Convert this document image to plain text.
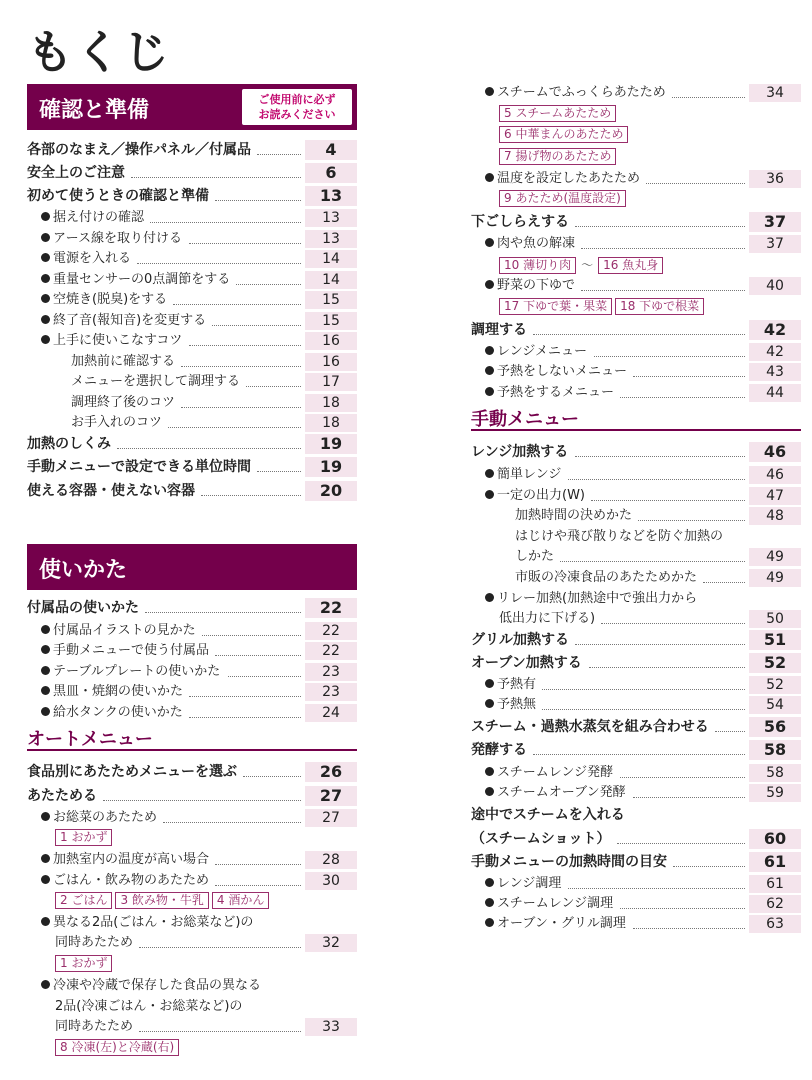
もくじ
確認と準備	ご使用前に必ず
お読みください
各部のなまえ／操作パネル／付属品	4
安全上のご注意	6
初めて使うときの確認と準備	13
据え付けの確認	13
アース線を取り付ける	13
電源を入れる	14
重量センサーの0点調節をする	14
空焼き(脱臭)をする	15
終了音(報知音)を変更する	15
上手に使いこなすコツ	16
加熱前に確認する	16
メニューを選択して調理する	17
調理終了後のコツ	18
お手入れのコツ	18
加熱のしくみ	19
手動メニューで設定できる単位時間	19
使える容器・使えない容器	20
使いかた
付属品の使いかた	22
付属品イラストの見かた	22
手動メニューで使う付属品	22
テーブルプレートの使いかた	23
黒皿・焼網の使いかた	23
給水タンクの使いかた	24
オートメニュー
食品別にあたためメニューを選ぶ	26
あたためる	27
お総菜のあたため	27
加熱室内の温度が高い場合	28
ごはん・飲み物のあたため	30
異なる2品(ごはん・お総菜など)の
同時あたため	32
冷凍や冷蔵で保存した食品の異なる
2品(冷凍ごはん・お総菜など)の
同時あたため	33
1 おかず
2 ごはん 3 飲み物・牛乳 4 酒かん
1 おかず
8 冷凍(左)と冷蔵(右)
スチームでふっくらあたため	34
温度を設定したあたため	36
下ごしらえする	37
肉や魚の解凍	37
野菜の下ゆで	40
調理する	42
レンジメニュー	42
予熱をしないメニュー	43
予熱をするメニュー	44
5 スチームあたため
6 中華まんのあたため
7 揚げ物のあたため
9 あたため(温度設定)
10 薄切り肉 ～ 16 魚丸身
17 下ゆで葉・果菜 18 下ゆで根菜
手動メニュー
レンジ加熱する	46
簡単レンジ	46
一定の出力(W)	47
加熱時間の決めかた	48
はじけや飛び散りなどを防ぐ加熱の
しかた	49
市販の冷凍食品のあたためかた	49
リレー加熱(加熱途中で強出力から
低出力に下げる)	50
グリル加熱する	51
オーブン加熱する	52
予熱有	52
予熱無	54
スチーム・過熱水蒸気を組み合わせる	56
発酵する	58
スチームレンジ発酵	58
スチームオーブン発酵	59
途中でスチームを入れる
（スチームショット）	60
手動メニューの加熱時間の目安	61
レンジ調理	61
スチームレンジ調理	62
オーブン・グリル調理	63
